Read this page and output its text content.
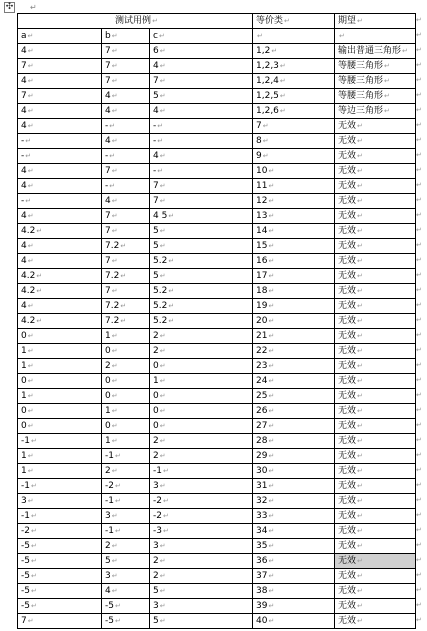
✣ ↵
测试用例↵			等价类↵	期望↵
a↵	b↵	c↵	↵	↵
4↵	7↵	6↵	1,2↵	输出普通三角形↵
7↵	7↵	4↵	1,2,3↵	等腰三角形↵
4↵	7↵	7↵	1,2,4↵	等腰三角形↵
7↵	4↵	5↵	1,2,5↵	等腰三角形↵
4↵	4↵	4↵	1,2,6↵	等边三角形↵
4↵	-↵	-↵	7↵	无效↵
-↵	4↵	-↵	8↵	无效↵
-↵	-↵	4↵	9↵	无效↵
4↵	7↵	-↵	10↵	无效↵
4↵	-↵	7↵	11↵	无效↵
-↵	4↵	7↵	12↵	无效↵
4↵	7↵	4 5↵	13↵	无效↵
4.2↵	7↵	5↵	14↵	无效↵
4↵	7.2↵	5↵	15↵	无效↵
4↵	7↵	5.2↵	16↵	无效↵
4.2↵	7.2↵	5↵	17↵	无效↵
4.2↵	7↵	5.2↵	18↵	无效↵
4↵	7.2↵	5.2↵	19↵	无效↵
4.2↵	7.2↵	5.2↵	20↵	无效↵
0↵	1↵	2↵	21↵	无效↵
1↵	0↵	2↵	22↵	无效↵
1↵	2↵	0↵	23↵	无效↵
0↵	0↵	1↵	24↵	无效↵
1↵	0↵	0↵	25↵	无效↵
0↵	1↵	0↵	26↵	无效↵
0↵	0↵	0↵	27↵	无效↵
-1↵	1↵	2↵	28↵	无效↵
1↵	-1↵	2↵	29↵	无效↵
1↵	2↵	-1↵	30↵	无效↵
-1↵	-2↵	3↵	31↵	无效↵
3↵	-1↵	-2↵	32↵	无效↵
-1↵	3↵	-2↵	33↵	无效↵
-2↵	-1↵	-3↵	34↵	无效↵
-5↵	2↵	3↵	35↵	无效↵
-5↵	5↵	2↵	36↵	无效↵
-5↵	3↵	2↵	37↵	无效↵
-5↵	4↵	5↵	38↵	无效↵
-5↵	-5↵	3↵	39↵	无效↵
7↵	-5↵	5↵	40↵	无效↵
↵
↵
↵
↵
↵
↵
↵
↵
↵
↵
↵
↵
↵
↵
↵
↵
↵
↵
↵
↵
↵
↵
↵
↵
↵
↵
↵
↵
↵
↵
↵
↵
↵
↵
↵
↵
↵
↵
↵
↵
↵
